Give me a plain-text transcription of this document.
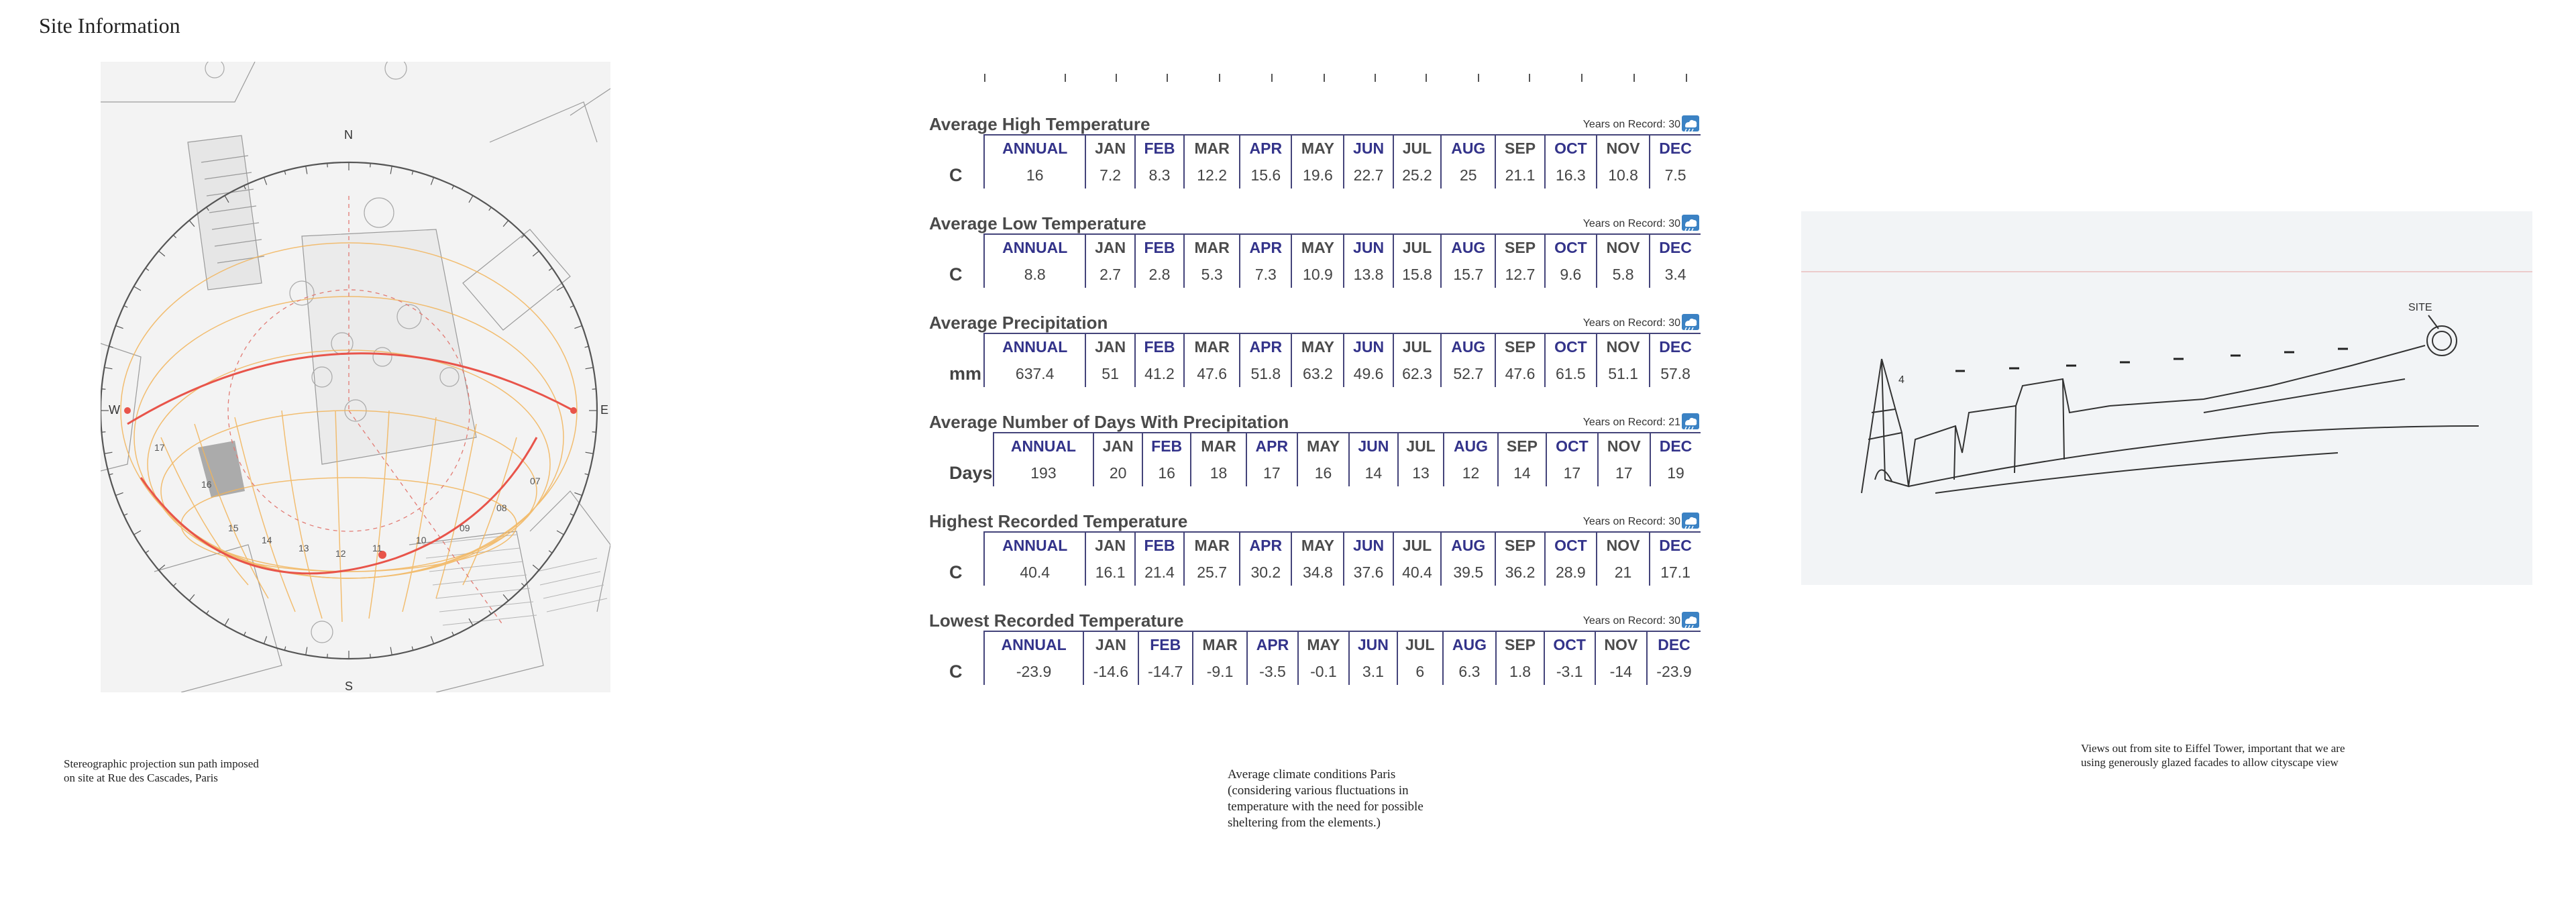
Site Information
17
16
15
14
13	12	11
10
09
08
07
N
S
W	E
Stereographic projection sun path imposed
on site at Rue des Cascades, Paris
Average High Temperature	Years on Record: 30
	ANNUAL	JAN	FEB	MAR	APR	MAY	JUN	JUL	AUG	SEP	OCT	NOV	DEC
C	16	7.2	8.3	12.2	15.6	19.6	22.7	25.2	25	21.1	16.3	10.8	7.5
Average Low Temperature	Years on Record: 30
	ANNUAL	JAN	FEB	MAR	APR	MAY	JUN	JUL	AUG	SEP	OCT	NOV	DEC
C	8.8	2.7	2.8	5.3	7.3	10.9	13.8	15.8	15.7	12.7	9.6	5.8	3.4
Average Precipitation	Years on Record: 30
	ANNUAL	JAN	FEB	MAR	APR	MAY	JUN	JUL	AUG	SEP	OCT	NOV	DEC
mm	637.4	51	41.2	47.6	51.8	63.2	49.6	62.3	52.7	47.6	61.5	51.1	57.8
Average Number of Days With Precipitation	Years on Record: 21
	ANNUAL	JAN	FEB	MAR	APR	MAY	JUN	JUL	AUG	SEP	OCT	NOV	DEC
Days	193	20	16	18	17	16	14	13	12	14	17	17	19
Highest Recorded Temperature	Years on Record: 30
	ANNUAL	JAN	FEB	MAR	APR	MAY	JUN	JUL	AUG	SEP	OCT	NOV	DEC
C	40.4	16.1	21.4	25.7	30.2	34.8	37.6	40.4	39.5	36.2	28.9	21	17.1
Lowest Recorded Temperature	Years on Record: 30
	ANNUAL	JAN	FEB	MAR	APR	MAY	JUN	JUL	AUG	SEP	OCT	NOV	DEC
C	-23.9	-14.6	-14.7	-9.1	-3.5	-0.1	3.1	6	6.3	1.8	-3.1	-14	-23.9
Average climate conditions Paris
(considering various fluctuations in
temperature with the need for possible
sheltering from the elements.)
4
SITE
Views out from site to Eiffel Tower, important that we are
using generously glazed facades to allow cityscape view
